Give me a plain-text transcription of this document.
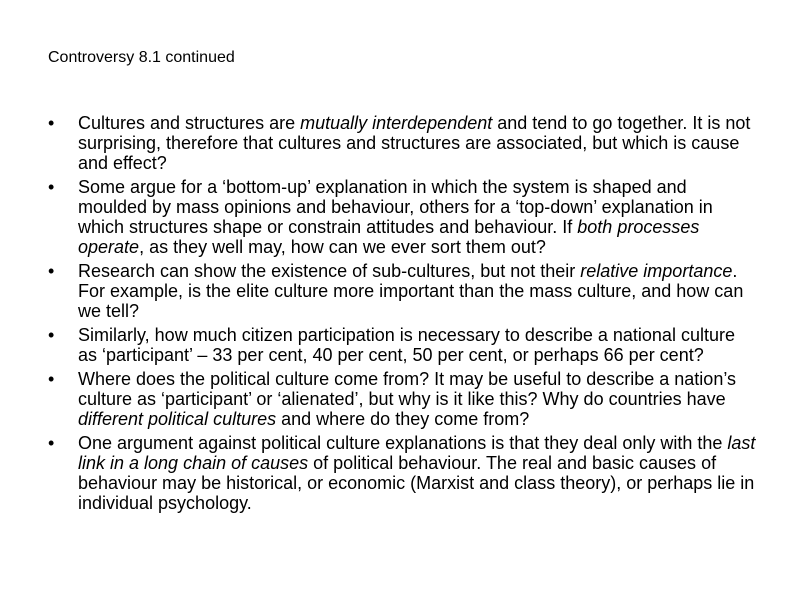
Controversy 8.1 continued
•	Cultures and structures are mutually interdependent and tend to go together. It is not surprising, therefore that cultures and structures are associated, but which is cause and effect?
•	Some argue for a ‘bottom-up’ explanation in which the system is shaped and moulded by mass opinions and behaviour, others for a ‘top-down’ explanation in which structures shape or constrain attitudes and behaviour. If both processes operate, as they well may, how can we ever sort them out?
•	Research can show the existence of sub-cultures, but not their relative importance. For example, is the elite culture more important than the mass culture, and how can we tell?
•	Similarly, how much citizen participation is necessary to describe a national culture as ‘participant’ – 33 per cent, 40 per cent, 50 per cent, or perhaps 66 per cent?
•	Where does the political culture come from? It may be useful to describe a nation’s culture as ‘participant’ or ‘alienated’, but why is it like this? Why do countries have different political cultures and where do they come from?
•	One argument against political culture explanations is that they deal only with the last link in a long chain of causes of political behaviour. The real and basic causes of behaviour may be historical, or economic (Marxist and class theory), or perhaps lie in individual psychology.
